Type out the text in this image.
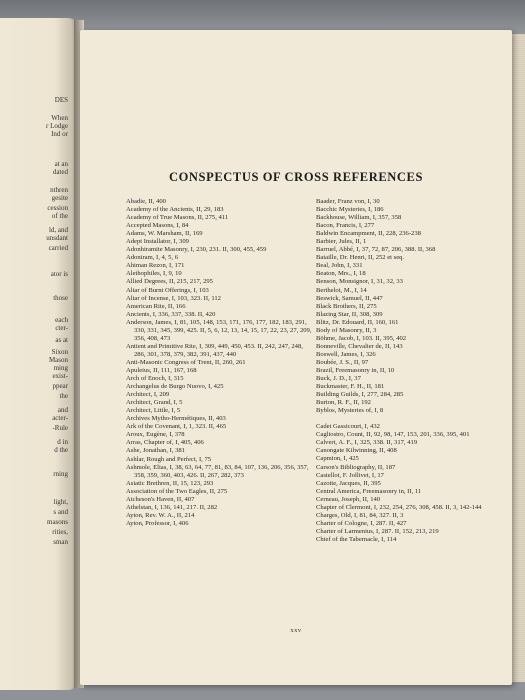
DES
When
r Lodge
Ind or
at an
dated
nthren
gesite
cession
of the
ld, and
unsdant
carried
ator is
those
each
cter-
as at
Sixon
Mason
ming
exist-
ppear
the
and
acter-
-Rule
d in
d the
rning
light,
s and
masons
rities,
sman
CONSPECTUS OF CROSS REFERENCES
Abadie, II, 400
Academy of the Ancients, II, 29, 183
Academy of True Masons, II, 275, 411
Accepted Masons, I, 84
Adams, W. Marsham, II, 169
Adept Installator, I, 309
Adonhiramite Masonry, I, 230, 231. II, 300, 455, 459
Adoniram, I, 4, 5, 6
Ahiman Rezon, I, 171
Alethophiles, I, 9, 10
Allied Degrees, II, 215, 217, 295
Altar of Burnt Offerings, I, 103
Altar of Incense, I, 103, 323. II, 112
American Rite, II, 166
Ancients, I, 336, 337, 338. II, 420
Anderson, James, I, 81, 105, 148, 153, 171, 176, 177, 182, 183, 291, 330, 331, 345, 399, 425. II, 5, 6, 12, 13, 14, 15, 17, 22, 23, 27, 209, 356, 408, 473
Antient and Primitive Rite, I, 309, 449, 450, 453. II, 242, 247, 248, 286, 301, 378, 379, 382, 391, 437, 440
Anti-Masonic Congress of Trent, II, 260, 261
Apuleius, II, 111, 167, 168
Arch of Enoch, I, 315
Archangelus de Burgo Nuovo, I, 425
Architect, I, 209
Architect, Grand, I, 5
Architect, Little, I, 5
Archives Mytho-Hermétiques, II, 403
Ark of the Covenant, I, 1, 323. II, 465
Aroux, Eugène, I, 378
Arras, Chapter of, I, 405, 406
Ashe, Jonathan, I, 381
Ashlar, Rough and Perfect, I, 75
Ashmole, Elias, I, 38, 63, 64, 77, 81, 83, 84, 107, 136, 206, 356, 357, 358, 359, 360, 403, 426. II, 267, 282, 373
Asiatic Brethren, II, 15, 123, 293
Association of the Two Eagles, II, 275
Atcheson's Haven, II, 407
Athelstan, I, 136, 141, 217. II, 282
Ayton, Rev. W. A., II, 214
Ayton, Professor, I, 406
Baader, Franz von, I, 30
Bacchic Mysteries, I, 186
Backhouse, William, I, 357, 358
Bacon, Francis, I, 277
Baldwin Encampment, II, 228, 236-238
Barbier, Jules, II, 1
Barruel, Abbé, I, 37, 72, 87, 206, 388. II, 368
Bataille, Dr. Henri, II, 252 et seq.
Beal, John, I, 331
Beaton, Mrs., I, 18
Benson, Monsignor, I, 31, 32, 33
Berthelot, M., I, 14
Beswick, Samuel, II, 447
Black Brothers, II, 275
Blazing Star, II, 308, 309
Blitz, Dr. Edouard, II, 160, 161
Body of Masonry, II, 3
Böhme, Jacob, I, 103. II, 395, 402
Bonneville, Chevalier de, II, 143
Boswell, James, I, 326
Boubée, J. S., II, 97
Brazil, Freemasonry in, II, 10
Buck, J. D., I, 37
Buckmaster, F. H., II, 181
Building Guilds, I, 277, 284, 285
Burton, R. F., II, 192
Byblos, Mysteries of, I, 8
Cadet Gassicourt, I, 432
Cagliostro, Count, II, 92, 98, 147, 153, 201, 336, 395, 401
Calvert, A. F., I, 325, 338. II, 317, 419
Canongate Kilwinning, II, 408
Capmion, I, 425
Carson's Bibliography, II, 187
Castellot, F. Jollivet, I, 17
Cazotte, Jacques, II, 395
Central America, Freemasonry in, II, 11
Cerneau, Joseph, II, 140
Chapter of Clermont, I, 232, 254, 276, 308, 458. II, 3, 142-144
Charges, Old, I, 81, 84, 327. II, 3
Charter of Cologne, I, 287. II, 427
Charter of Larmenius, I, 287. II, 152, 213, 219
Chief of the Tabernacle, I, 114
xxv
